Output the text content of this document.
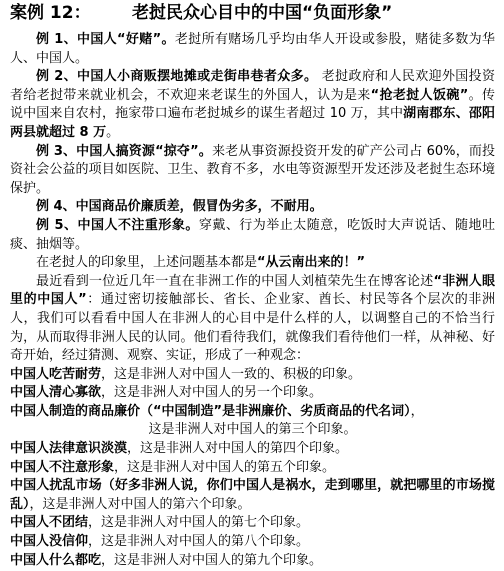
案例 12：	老挝民众心目中的中国“负面形象”

例 1、中国人“好赌”。老挝所有赌场几乎均由华人开设或参股，赌徒多数为华人、中国人。

例 2、中国人小商贩摆地摊或走街串巷者众多。 老挝政府和人民欢迎外国投资者给老挝带来就业机会，不欢迎来老谋生的外国人，认为是来“抢老挝人饭碗”。传说中国来自农村，拖家带口遍布老挝城乡的谋生者超过 10 万，其中湖南郡东、邵阳两县就超过 8 万。

例 3、中国人搞资源“掠夺”。来老从事资源投资开发的矿产公司占 60%，而投资社会公益的项目如医院、卫生、教育不多，水电等资源型开发还涉及老挝生态环境保护。

例 4、中国商品价廉质差，假冒伪劣多，不耐用。

例 5、中国人不注重形象。穿戴、行为举止太随意，吃饭时大声说话、随地吐痰、抽烟等。

在老挝人的印象里，上述问题基本都是“从云南出来的！”

最近看到一位近几年一直在非洲工作的中国人刘植荣先生在博客论述“非洲人眼里的中国人”：通过密切接触部长、省长、企业家、酋长、村民等各个层次的非洲人，我们可以看看中国人在非洲人的心目中是什么样的人，以调整自己的不恰当行为，从而取得非洲人民的认同。他们看待我们，就像我们看待他们一样，从神秘、好奇开始，经过猜测、观察、实证，形成了一种观念：

中国人吃苦耐劳，这是非洲人对中国人一致的、积极的印象。

中国人清心寡欲，这是非洲人对中国人的另一个印象。

中国人制造的商品廉价（“中国制造”是非洲廉价、劣质商品的代名词），

这是非洲人对中国人的第三个印象。

中国人法律意识淡漠，这是非洲人对中国人的第四个印象。

中国人不注意形象，这是非洲人对中国人的第五个印象。

中国人扰乱市场（好多非洲人说，你们中国人是祸水，走到哪里，就把哪里的市场搅乱），这是非洲人对中国人的第六个印象。

中国人不团结，这是非洲人对中国人的第七个印象。

中国人没信仰，这是非洲人对中国人的第八个印象。

中国人什么都吃，这是非洲人对中国人的第九个印象。
